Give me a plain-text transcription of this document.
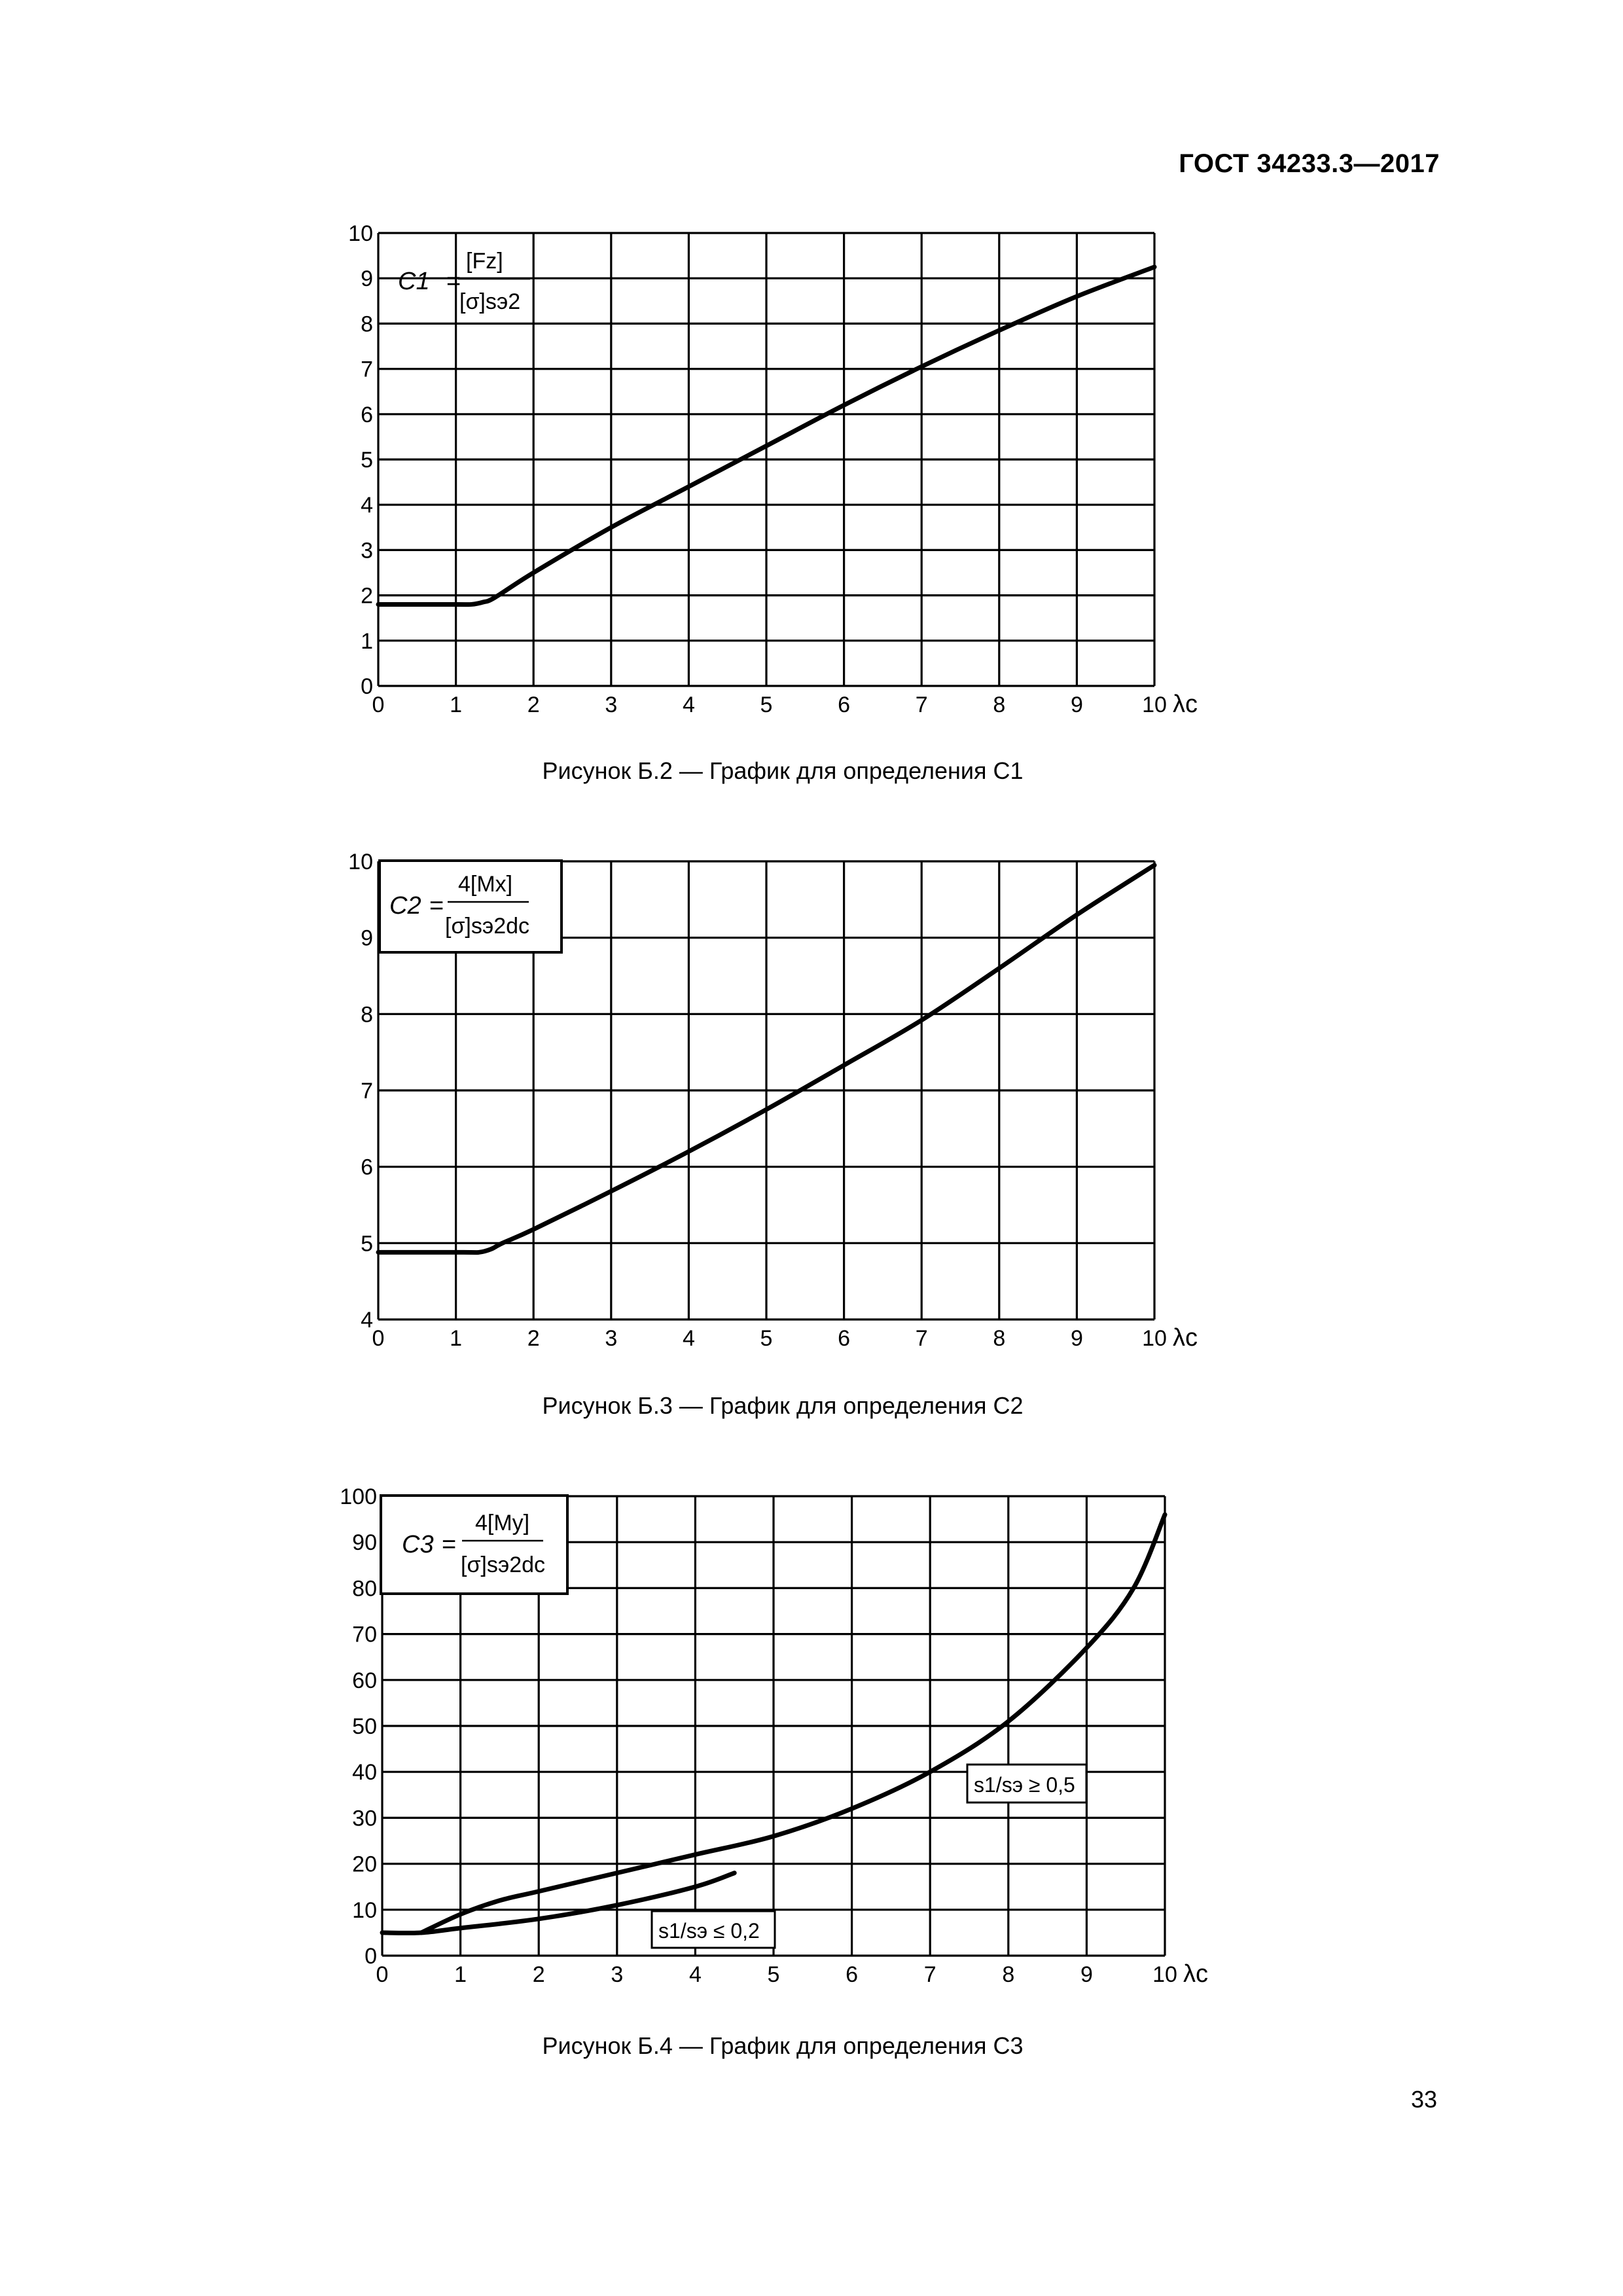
ГОСТ 34233.3—2017
0	1	2	3	4	5	6	7	8	9	10
0
1
2
3
4
5
6
7
8
9
10
λc
C1 =
[Fz]
[σ]sэ2
Рисунок Б.2 — График для определения C1
0	1	2	3	4	5	6	7	8	9	10
4
5
6
7
8
9
10
λc
C2 =
4[Mx]
[σ]sэ2dc
Рисунок Б.3 — График для определения C2
0	1	2	3	4	5	6	7	8	9	10
0
10
20
30
40
50
60
70
80
90
100
λc
C3 =
4[My]
[σ]sэ2dc
s1/sэ ≥ 0,5
s1/sэ ≤ 0,2
Рисунок Б.4 — График для определения C3
33
